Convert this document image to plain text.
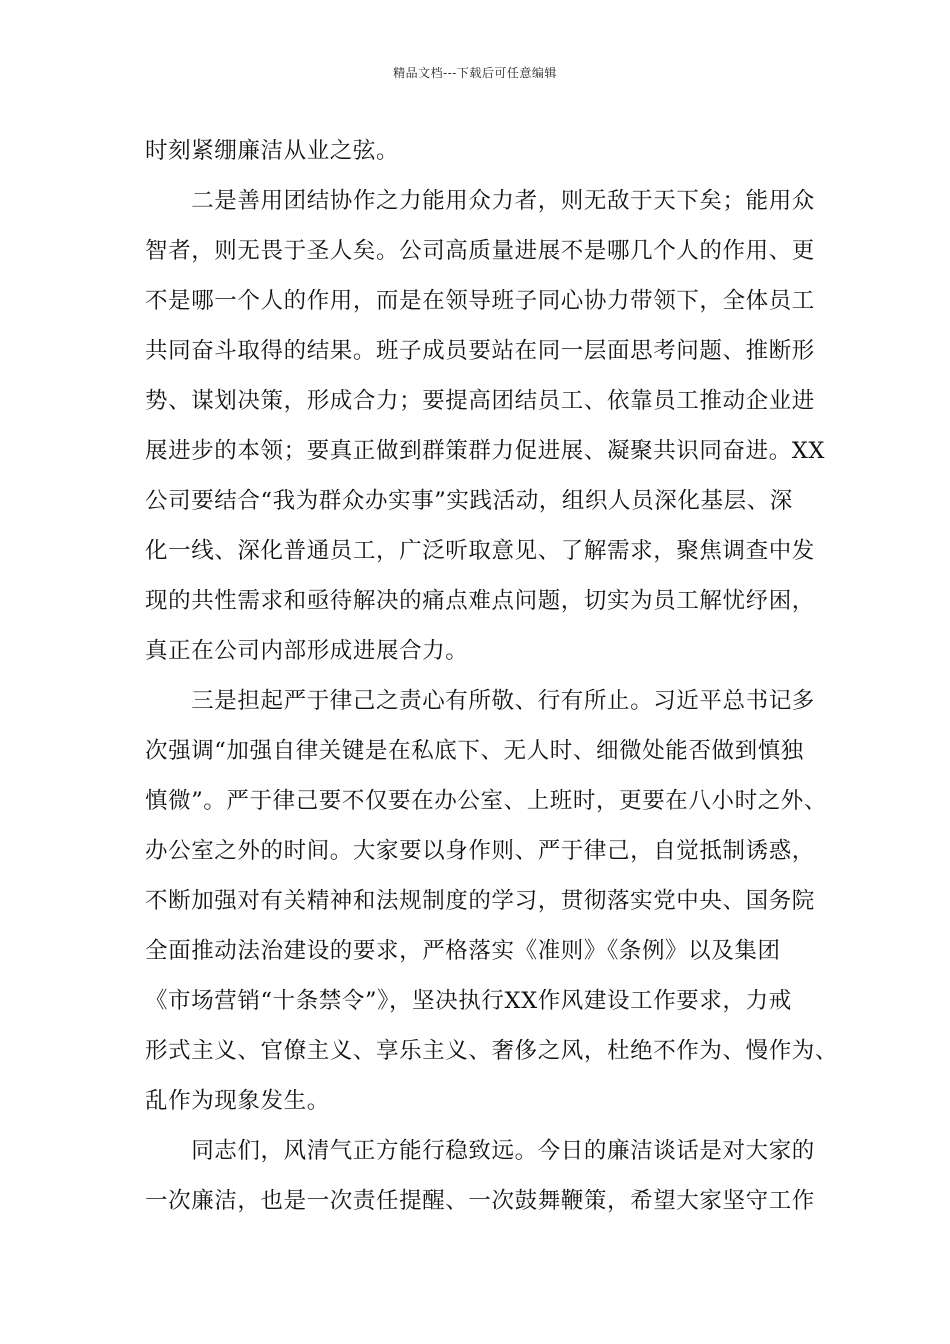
精品文档---下载后可任意编辑
时刻紧绷廉洁从业之弦。
　　二是善用团结协作之力能用众力者，则无敌于天下矣；能用众
智者，则无畏于圣人矣。公司高质量进展不是哪几个人的作用、更
不是哪一个人的作用，而是在领导班子同心协力带领下，全体员工
共同奋斗取得的结果。班子成员要站在同一层面思考问题、推断形
势、谋划决策，形成合力；要提高团结员工、依靠员工推动企业进
展进步的本领；要真正做到群策群力促进展、凝聚共识同奋进。XX
公司要结合“我为群众办实事”实践活动，组织人员深化基层、深
化一线、深化普通员工，广泛听取意见、了解需求，聚焦调查中发
现的共性需求和亟待解决的痛点难点问题，切实为员工解忧纾困，
真正在公司内部形成进展合力。
　　三是担起严于律己之责心有所敬、行有所止。习近平总书记多
次强调“加强自律关键是在私底下、无人时、细微处能否做到慎独
慎微”。严于律己要不仅要在办公室、上班时，更要在八小时之外、
办公室之外的时间。大家要以身作则、严于律己，自觉抵制诱惑，
不断加强对有关精神和法规制度的学习，贯彻落实党中央、国务院
全面推动法治建设的要求，严格落实《准则》《条例》以及集团
《市场营销“十条禁令”》，坚决执行XX作风建设工作要求，力戒
形式主义、官僚主义、享乐主义、奢侈之风，杜绝不作为、慢作为、
乱作为现象发生。
　　同志们，风清气正方能行稳致远。今日的廉洁谈话是对大家的
一次廉洁，也是一次责任提醒、一次鼓舞鞭策，希望大家坚守工作
